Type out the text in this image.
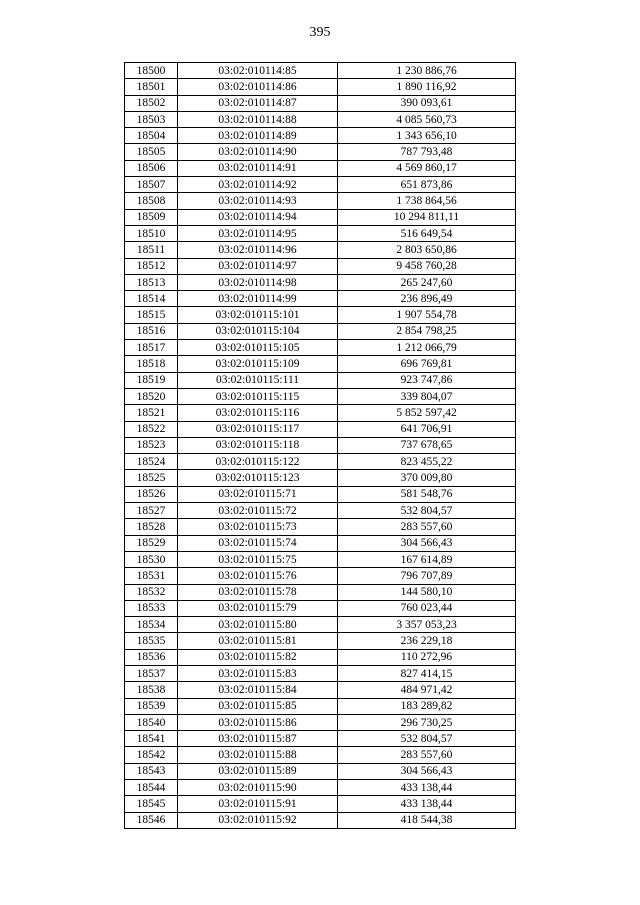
395
18500	03:02:010114:85	1 230 886,76
18501	03:02:010114:86	1 890 116,92
18502	03:02:010114:87	390 093,61
18503	03:02:010114:88	4 085 560,73
18504	03:02:010114:89	1 343 656,10
18505	03:02:010114:90	787 793,48
18506	03:02:010114:91	4 569 860,17
18507	03:02:010114:92	651 873,86
18508	03:02:010114:93	1 738 864,56
18509	03:02:010114:94	10 294 811,11
18510	03:02:010114:95	516 649,54
18511	03:02:010114:96	2 803 650,86
18512	03:02:010114:97	9 458 760,28
18513	03:02:010114:98	265 247,60
18514	03:02:010114:99	236 896,49
18515	03:02:010115:101	1 907 554,78
18516	03:02:010115:104	2 854 798,25
18517	03:02:010115:105	1 212 066,79
18518	03:02:010115:109	696 769,81
18519	03:02:010115:111	923 747,86
18520	03:02:010115:115	339 804,07
18521	03:02:010115:116	5 852 597,42
18522	03:02:010115:117	641 706,91
18523	03:02:010115:118	737 678,65
18524	03:02:010115:122	823 455,22
18525	03:02:010115:123	370 009,80
18526	03:02:010115:71	581 548,76
18527	03:02:010115:72	532 804,57
18528	03:02:010115:73	283 557,60
18529	03:02:010115:74	304 566,43
18530	03:02:010115:75	167 614,89
18531	03:02:010115:76	796 707,89
18532	03:02:010115:78	144 580,10
18533	03:02:010115:79	760 023,44
18534	03:02:010115:80	3 357 053,23
18535	03:02:010115:81	236 229,18
18536	03:02:010115:82	110 272,96
18537	03:02:010115:83	827 414,15
18538	03:02:010115:84	484 971,42
18539	03:02:010115:85	183 289,82
18540	03:02:010115:86	296 730,25
18541	03:02:010115:87	532 804,57
18542	03:02:010115:88	283 557,60
18543	03:02:010115:89	304 566,43
18544	03:02:010115:90	433 138,44
18545	03:02:010115:91	433 138,44
18546	03:02:010115:92	418 544,38
